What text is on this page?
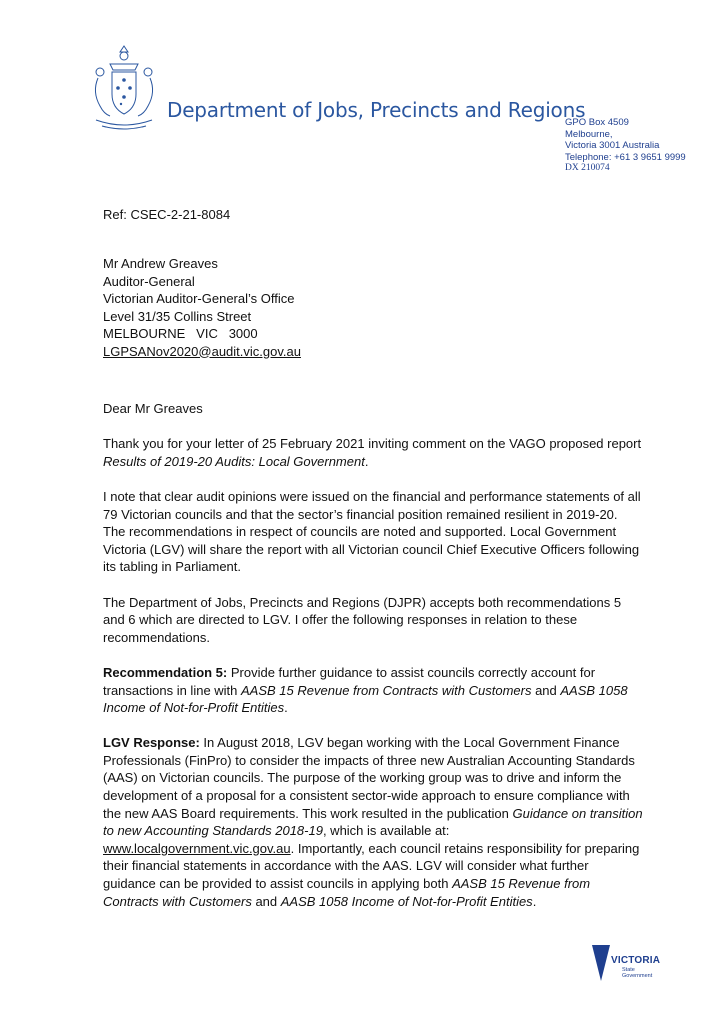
Department of Jobs, Precincts and Regions
GPO Box 4509
Melbourne,
Victoria 3001 Australia
Telephone: +61 3 9651 9999
DX 210074
Ref: CSEC-2-21-8084
Mr Andrew Greaves
Auditor-General
Victorian Auditor-General’s Office
Level 31/35 Collins Street
MELBOURNE   VIC   3000
LGPSANov2020@audit.vic.gov.au

Dear Mr Greaves

Thank you for your letter of 25 February 2021 inviting comment on the VAGO proposed report Results of 2019-20 Audits: Local Government.

I note that clear audit opinions were issued on the financial and performance statements of all 79 Victorian councils and that the sector’s financial position remained resilient in 2019-20. The recommendations in respect of councils are noted and supported. Local Government Victoria (LGV) will share the report with all Victorian council Chief Executive Officers following its tabling in Parliament.

The Department of Jobs, Precincts and Regions (DJPR) accepts both recommendations 5 and 6 which are directed to LGV. I offer the following responses in relation to these recommendations.

Recommendation 5: Provide further guidance to assist councils correctly account for transactions in line with AASB 15 Revenue from Contracts with Customers and AASB 1058 Income of Not-for-Profit Entities.

LGV Response: In August 2018, LGV began working with the Local Government Finance Professionals (FinPro) to consider the impacts of three new Australian Accounting Standards (AAS) on Victorian councils. The purpose of the working group was to drive and inform the development of a proposal for a consistent sector-wide approach to ensure compliance with the new AAS Board requirements. This work resulted in the publication Guidance on transition to new Accounting Standards 2018-19, which is available at: www.localgovernment.vic.gov.au. Importantly, each council retains responsibility for preparing their financial statements in accordance with the AAS. LGV will consider what further guidance can be provided to assist councils in applying both AASB 15 Revenue from Contracts with Customers and AASB 1058 Income of Not-for-Profit Entities.

VICTORIA
State
Government
